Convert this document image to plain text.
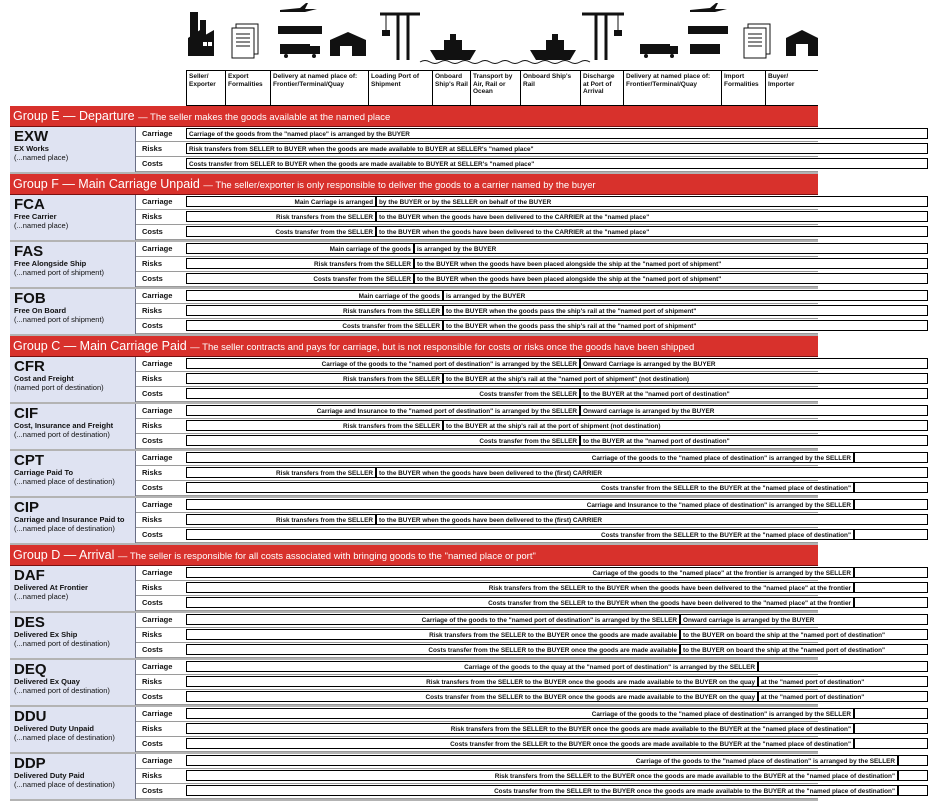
Seller/ Exporter
Export Formalities
Delivery at named place of: Frontier/Terminal/Quay
Loading Port of Shipment
Onboard Ship's Rail
Transport by Air, Rail or Ocean
Onboard Ship's Rail
Discharge at Port of Arrival
Delivery at named place of: Frontier/Terminal/Quay
Import Formalities
Buyer/ Importer
Group E — Departure — The seller makes the goods available at the named place
EXW
EX Works
(...named place)
Carriage	Carriage of the goods from the "named place" is arranged by the BUYER
Risks	Risk transfers from SELLER to BUYER when the goods are made available to BUYER at SELLER's "named place"
Costs	Costs transfer from SELLER to BUYER when the goods are made available to BUYER at SELLER's "named place"
Group F — Main Carriage Unpaid — The seller/exporter is only responsible to deliver the goods to a carrier named by the buyer
FCA
Free Carrier
(...named place)
Carriage	Main Carriage is arranged by the BUYER or by the SELLER on behalf of the BUYER
Risks	Risk transfers from the SELLER to the BUYER when the goods have been delivered to the CARRIER at the "named place"
Costs	Costs transfer from the SELLER to the BUYER when the goods have been delivered to the CARRIER at the "named place"
FAS
Free Alongside Ship
(...named port of shipment)
Carriage	Main carriage of the goods is arranged by the BUYER
Risks	Risk transfers from the SELLER to the BUYER when the goods have been placed alongside the ship at the "named port of shipment"
Costs	Costs transfer from the SELLER to the BUYER when the goods have been placed alongside the ship at the "named port of shipment"
FOB
Free On Board
(...named port of shipment)
Carriage	Main carriage of the goods is arranged by the BUYER
Risks	Risk transfers from the SELLER to the BUYER when the goods pass the ship's rail at the "named port of shipment"
Costs	Costs transfer from the SELLER to the BUYER when the goods pass the ship's rail at the "named port of shipment"
Group C — Main Carriage Paid — The seller contracts and pays for carriage, but is not responsible for costs or risks once the goods have been shipped
CFR
Cost and Freight
(named port of destination)
Carriage	Carriage of the goods to the "named port of destination" is arranged by the SELLER Onward Carriage is arranged by the BUYER
Risks	Risk transfers from the SELLER to the BUYER at the ship's rail at the "named port of shipment" (not destination)
Costs	Costs transfer from the SELLER to the BUYER at the "named port of destination"
CIF
Cost, Insurance and Freight
(...named port of destination)
Carriage	Carriage and Insurance to the "named port of destination" is arranged by the SELLER Onward carriage is arranged by the BUYER
Risks	Risk transfers from the SELLER to the BUYER at the ship's rail at the port of shipment (not destination)
Costs	Costs transfer from the SELLER to the BUYER at the "named port of destination"
CPT
Carriage Paid To
(...named place of destination)
Carriage	Carriage of the goods to the "named place of destination" is arranged by the SELLER
Risks	Risk transfers from the SELLER to the BUYER when the goods have been delivered to the (first) CARRIER
Costs	Costs transfer from the SELLER to the BUYER at the "named place of destination"
CIP
Carriage and Insurance Paid to
(...named place of destination)
Carriage	Carriage and Insurance to the "named place of destination" is arranged by the SELLER
Risks	Risk transfers from the SELLER to the BUYER when the goods have been delivered to the (first) CARRIER
Costs	Costs transfer from the SELLER to the BUYER at the "named place of destination"
Group D — Arrival — The seller is responsible for all costs associated with bringing goods to the "named place or port"
DAF
Delivered At Frontier
(...named place)
Carriage	Carriage of the goods to the "named place" at the frontier is arranged by the SELLER
Risks	Risk transfers from the SELLER to the BUYER when the goods have been delivered to the "named place" at the frontier
Costs	Costs transfer from the SELLER to the BUYER when the goods have been delivered to the "named place" at the frontier
DES
Delivered Ex Ship
(...named port of destination)
Carriage	Carriage of the goods to the "named port of destination" is arranged by the SELLER Onward carriage is arranged by the BUYER
Risks	Risk transfers from the SELLER to the BUYER once the goods are made available to the BUYER on board the ship at the "named port of destination"
Costs	Costs transfer from the SELLER to the BUYER once the goods are made available to the BUYER on board the ship at the "named port of destination"
DEQ
Delivered Ex Quay
(...named port of destination)
Carriage	Carriage of the goods to the quay at the "named port of destination" is arranged by the SELLER
Risks	Risk transfers from the SELLER to the BUYER once the goods are made available to the BUYER on the quay at the "named port of destination"
Costs	Costs transfer from the SELLER to the BUYER once the goods are made available to the BUYER on the quay at the "named port of destination"
DDU
Delivered Duty Unpaid
(...named place of destination)
Carriage	Carriage of the goods to the "named place of destination" is arranged by the SELLER
Risks	Risk transfers from the SELLER to the BUYER once the goods are made available to the BUYER at the "named place of destination"
Costs	Costs transfer from the SELLER to the BUYER once the goods are made available to the BUYER at the "named place of destination"
DDP
Delivered Duty Paid
(...named place of destination)
Carriage	Carriage of the goods to the "named place of destination" is arranged by the SELLER
Risks	Risk transfers from the SELLER to the BUYER once the goods are made available to the BUYER at the "named place of destination"
Costs	Costs transfer from the SELLER to the BUYER once the goods are made available to the BUYER at the "named place of destination"
